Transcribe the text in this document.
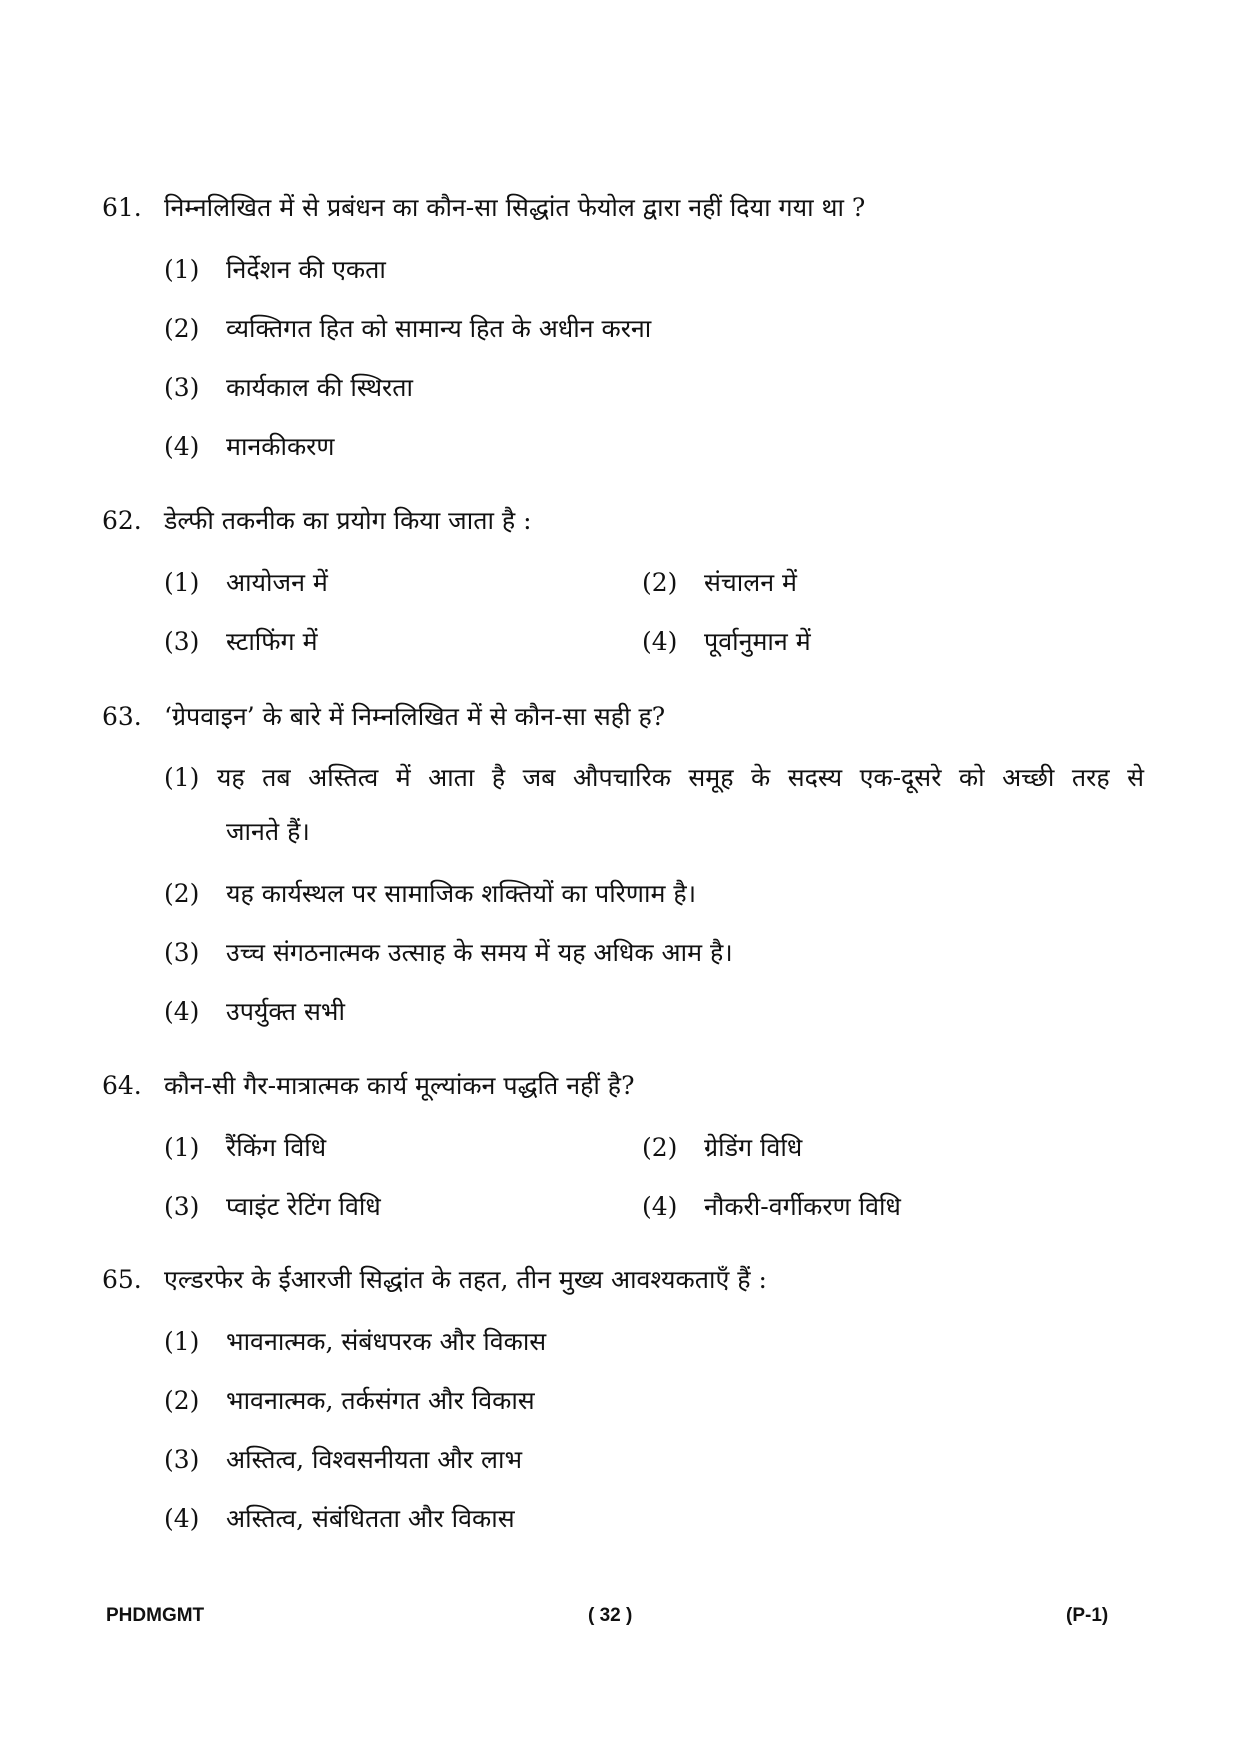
61. निम्नलिखित में से प्रबंधन का कौन-सा सिद्धांत फेयोल द्वारा नहीं दिया गया था ?
(1)	निर्देशन की एकता
(2)	व्यक्तिगत हित को सामान्य हित के अधीन करना
(3)	कार्यकाल की स्थिरता
(4)	मानकीकरण
62. डेल्फी तकनीक का प्रयोग किया जाता है :
(1)	आयोजन में	(2)	संचालन में
(3)	स्टाफिंग में	(4)	पूर्वानुमान में
63. ‘ग्रेपवाइन’ के बारे में निम्नलिखित में से कौन-सा सही ह?
(1) यह तब अस्तित्व में आता है जब औपचारिक समूह के सदस्य एक-दूसरे को अच्छी तरह से
जानते हैं।
(2)	यह कार्यस्थल पर सामाजिक शक्तियों का परिणाम है।
(3)	उच्च संगठनात्मक उत्साह के समय में यह अधिक आम है।
(4)	उपर्युक्त सभी
64. कौन-सी गैर-मात्रात्मक कार्य मूल्यांकन पद्धति नहीं है?
(1)	रैंकिंग विधि	(2)	ग्रेडिंग विधि
(3)	प्वाइंट रेटिंग विधि	(4)	नौकरी-वर्गीकरण विधि
65. एल्डरफेर के ईआरजी सिद्धांत के तहत, तीन मुख्य आवश्यकताएँ हैं :
(1)	भावनात्मक, संबंधपरक और विकास
(2)	भावनात्मक, तर्कसंगत और विकास
(3)	अस्तित्व, विश्वसनीयता और लाभ
(4)	अस्तित्व, संबंधितता और विकास
PHDMGMT	( 32 )	(P-1)
